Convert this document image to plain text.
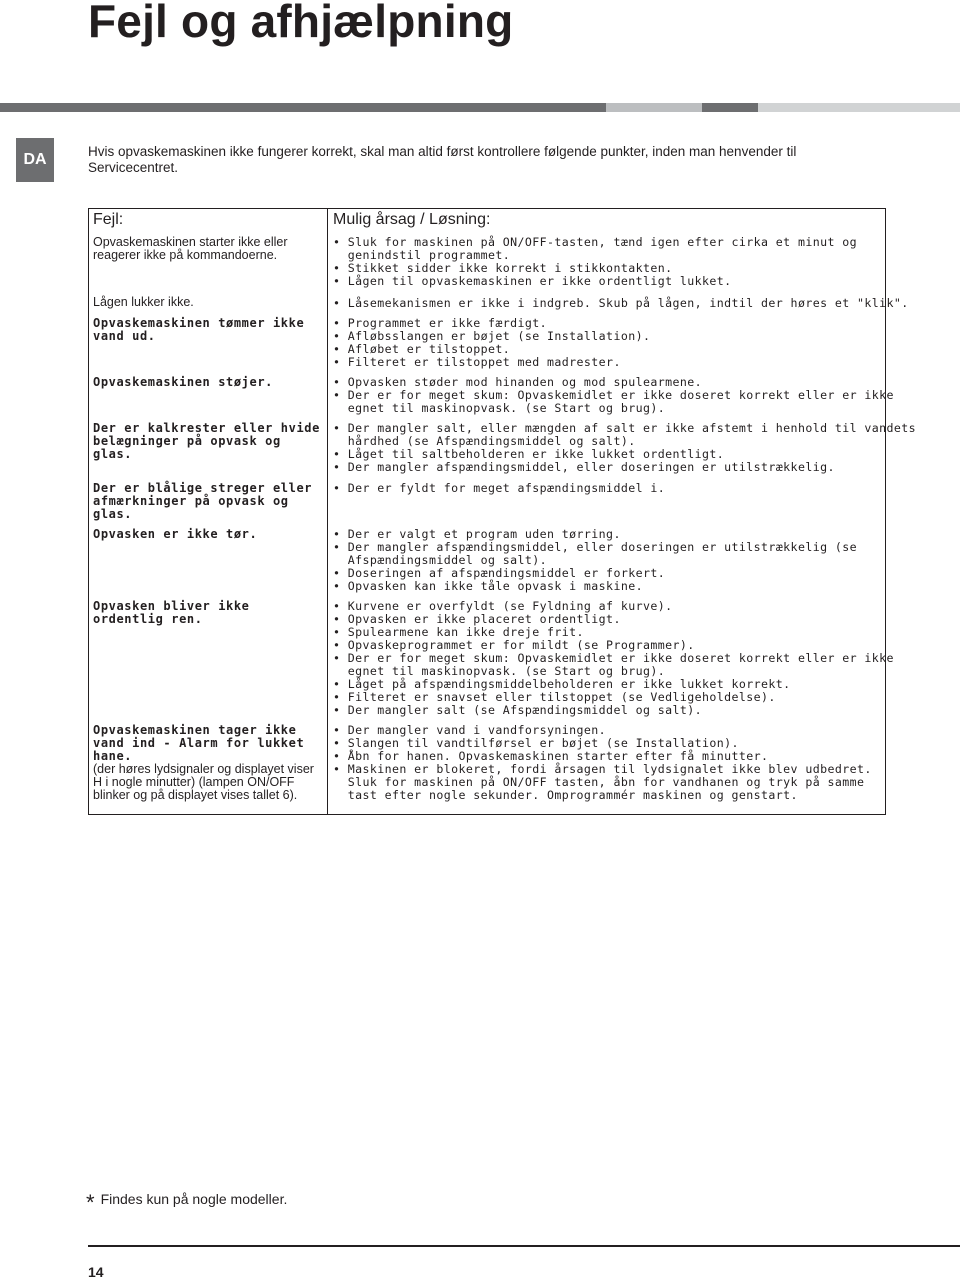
Fejl og afhjælpning
DA	Hvis opvaskemaskinen ikke fungerer korrekt, skal man altid først kontrollere følgende punkter, inden man henvender til Servicecentret.
Fejl:	Mulig årsag / Løsning:
Opvaskemaskinen starter ikke eller reagerer ikke på kommandoerne.
• Sluk for maskinen på ON/OFF-tasten, tænd igen efter cirka et minut og
genindstil programmet.
• Stikket sidder ikke korrekt i stikkontakten.
• Lågen til opvaskemaskinen er ikke ordentligt lukket.
Lågen lukker ikke.	• Låsemekanismen er ikke i indgreb. Skub på lågen, indtil der høres et "klik".
Opvaskemaskinen tømmer ikke vand ud.
• Programmet er ikke færdigt.
• Afløbsslangen er bøjet (se Installation).
• Afløbet er tilstoppet.
• Filteret er tilstoppet med madrester.
Opvaskemaskinen støjer.	• Opvasken støder mod hinanden og mod spulearmene.
• Der er for meget skum: Opvaskemidlet er ikke doseret korrekt eller er ikke
egnet til maskinopvask. (se Start og brug).
Der er kalkrester eller hvide belægninger på opvask og glas.
• Der mangler salt, eller mængden af salt er ikke afstemt i henhold til vandets
hårdhed (se Afspændingsmiddel og salt).
• Låget til saltbeholderen er ikke lukket ordentligt.
• Der mangler afspændingsmiddel, eller doseringen er utilstrækkelig.
Der er blålige streger eller afmærkninger på opvask og glas.
• Der er fyldt for meget afspændingsmiddel i.
Opvasken er ikke tør.	• Der er valgt et program uden tørring.
• Der mangler afspændingsmiddel, eller doseringen er utilstrækkelig (se
Afspændingsmiddel og salt).
• Doseringen af afspændingsmiddel er forkert.
• Opvasken kan ikke tåle opvask i maskine.
Opvasken bliver ikke ordentlig ren.
• Kurvene er overfyldt (se Fyldning af kurve).
• Opvasken er ikke placeret ordentligt.
• Spulearmene kan ikke dreje frit.
• Opvaskeprogrammet er for mildt (se Programmer).
• Der er for meget skum: Opvaskemidlet er ikke doseret korrekt eller er ikke
egnet til maskinopvask. (se Start og brug).
• Låget på afspændingsmiddelbeholderen er ikke lukket korrekt.
• Filteret er snavset eller tilstoppet (se Vedligeholdelse).
• Der mangler salt (se Afspændingsmiddel og salt).
Opvaskemaskinen tager ikke vand ind - Alarm for lukket hane.
(der høres lydsignaler og displayet viser H i nogle minutter) (lampen ON/OFF blinker og på displayet vises tallet 6).
• Der mangler vand i vandforsyningen.
• Slangen til vandtilførsel er bøjet (se Installation).
• Åbn for hanen. Opvaskemaskinen starter efter få minutter.
• Maskinen er blokeret, fordi årsagen til lydsignalet ikke blev udbedret.
Sluk for maskinen på ON/OFF tasten, åbn for vandhanen og tryk på samme
tast efter nogle sekunder. Omprogrammér maskinen og genstart.
* Findes kun på nogle modeller.
14
